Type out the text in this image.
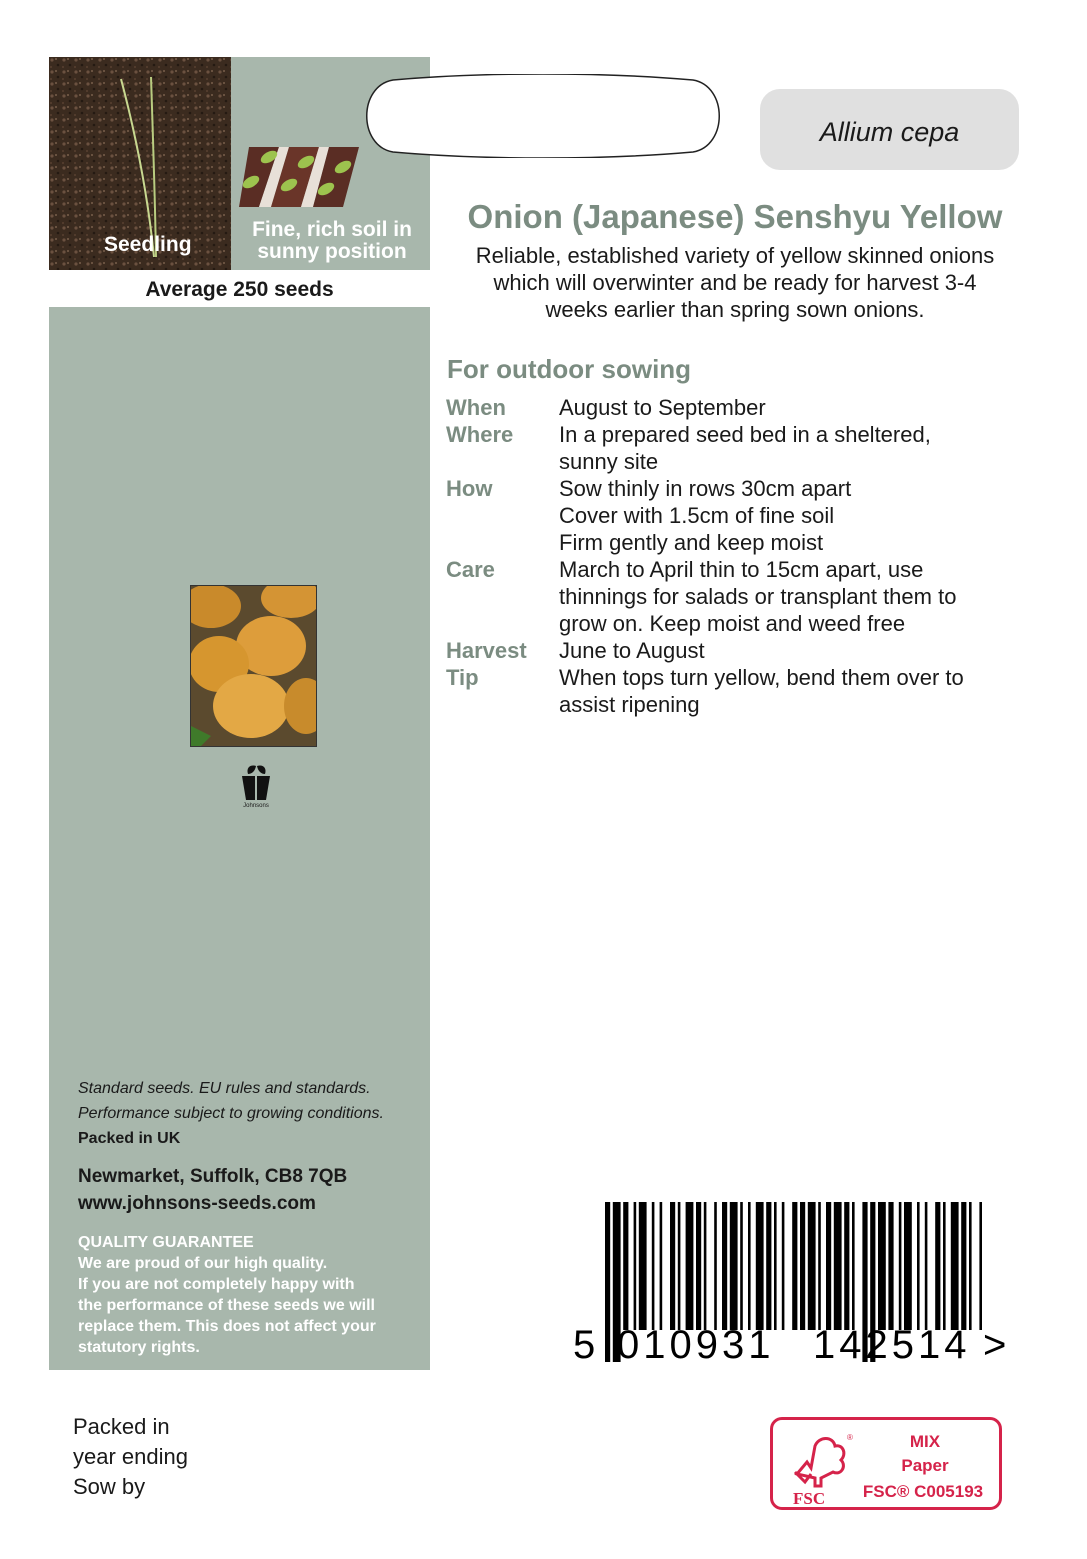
Seedling
Fine, rich soil in
sunny position
Average 250 seeds
Johnsons
Standard seeds. EU rules and standards.
Performance subject to growing conditions.
Packed in UK
Newmarket, Suffolk, CB8 7QB
www.johnsons-seeds.com
QUALITY GUARANTEE
We are proud of our high quality.
If you are not completely happy with
the performance of these seeds we will
replace them. This does not affect your
statutory rights.
Allium cepa
Onion (Japanese) Senshyu Yellow
Reliable, established variety of yellow skinned onions
which will overwinter and be ready for harvest 3-4
weeks earlier than spring sown onions.
For outdoor sowing
When	August to September
Where	In a prepared seed bed in a sheltered,
sunny site
How	Sow thinly in rows 30cm apart
Cover with 1.5cm of fine soil
Firm gently and keep moist
Care	March to April thin to 15cm apart, use
thinnings for salads or transplant them to
grow on. Keep moist and weed free
Harvest	June to August
Tip	When tops turn yellow, bend them over to
assist ripening
5 010931 142514 >
Packed in
year ending
Sow by
®
FSC
MIX
Paper
FSC® C005193
